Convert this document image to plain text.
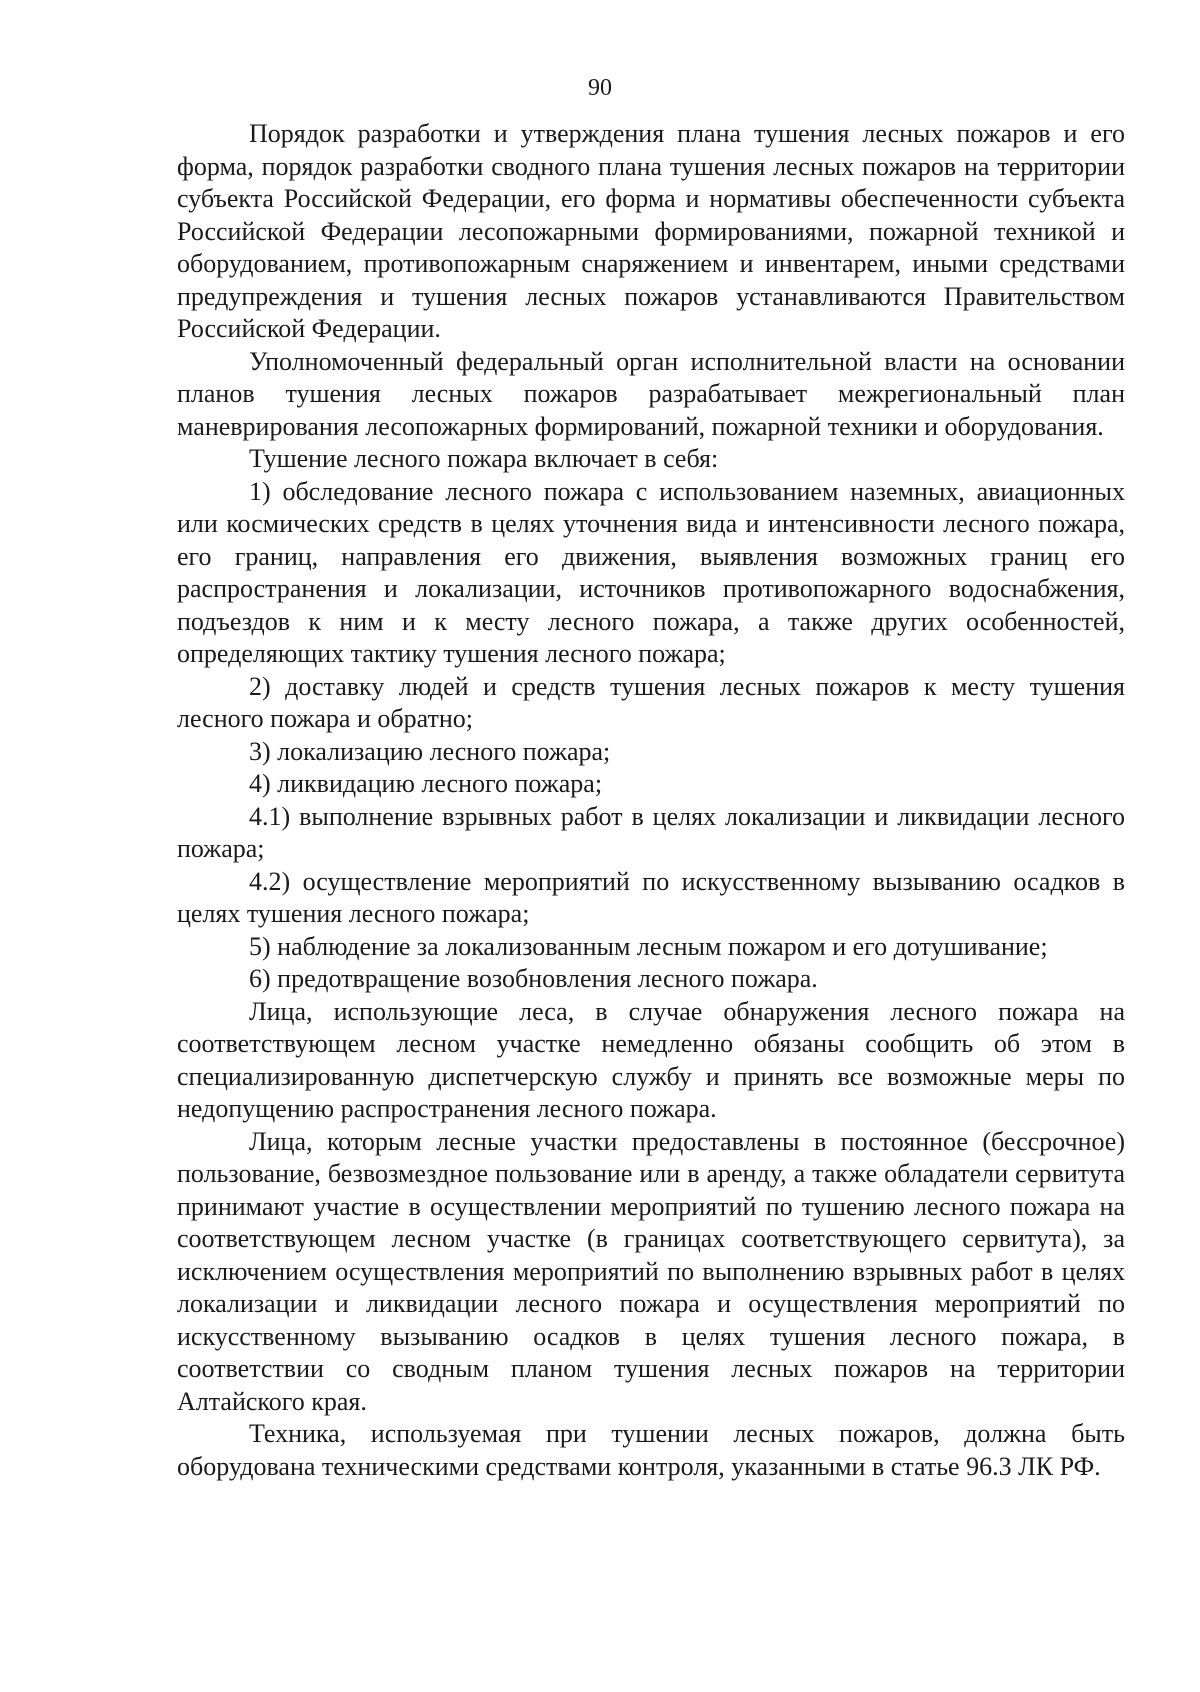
90

Порядок разработки и утверждения плана тушения лесных пожаров и его форма, порядок разработки сводного плана тушения лесных пожаров на территории субъекта Российской Федерации, его форма и нормативы обеспеченности субъекта Российской Федерации лесопожарными формированиями, пожарной техникой и оборудованием, противопожарным снаряжением и инвентарем, иными средствами предупреждения и тушения лесных пожаров устанавливаются Правительством Российской Федерации.

Уполномоченный федеральный орган исполнительной власти на основании планов тушения лесных пожаров разрабатывает межрегиональный план маневрирования лесопожарных формирований, пожарной техники и оборудования.

Тушение лесного пожара включает в себя:

1) обследование лесного пожара с использованием наземных, авиационных или космических средств в целях уточнения вида и интенсивности лесного пожара, его границ, направления его движения, выявления возможных границ его распространения и локализации, источников противопожарного водоснабжения, подъездов к ним и к месту лесного пожара, а также других особенностей, определяющих тактику тушения лесного пожара;

2) доставку людей и средств тушения лесных пожаров к месту тушения лесного пожара и обратно;

3) локализацию лесного пожара;

4) ликвидацию лесного пожара;

4.1) выполнение взрывных работ в целях локализации и ликвидации лесного пожара;

4.2) осуществление мероприятий по искусственному вызыванию осадков в целях тушения лесного пожара;

5) наблюдение за локализованным лесным пожаром и его дотушивание;

6) предотвращение возобновления лесного пожара.

Лица, использующие леса, в случае обнаружения лесного пожара на соответствующем лесном участке немедленно обязаны сообщить об этом в специализированную диспетчерскую службу и принять все возможные меры по недопущению распространения лесного пожара.

Лица, которым лесные участки предоставлены в постоянное (бессрочное) пользование, безвозмездное пользование или в аренду, а также обладатели сервитута принимают участие в осуществлении мероприятий по тушению лесного пожара на соответствующем лесном участке (в границах соответствующего сервитута), за исключением осуществления мероприятий по выполнению взрывных работ в целях локализации и ликвидации лесного пожара и осуществления мероприятий по искусственному вызыванию осадков в целях тушения лесного пожара, в соответствии со сводным планом тушения лесных пожаров на территории Алтайского края.

Техника, используемая при тушении лесных пожаров, должна быть оборудована техническими средствами контроля, указанными в статье 96.3 ЛК РФ.
